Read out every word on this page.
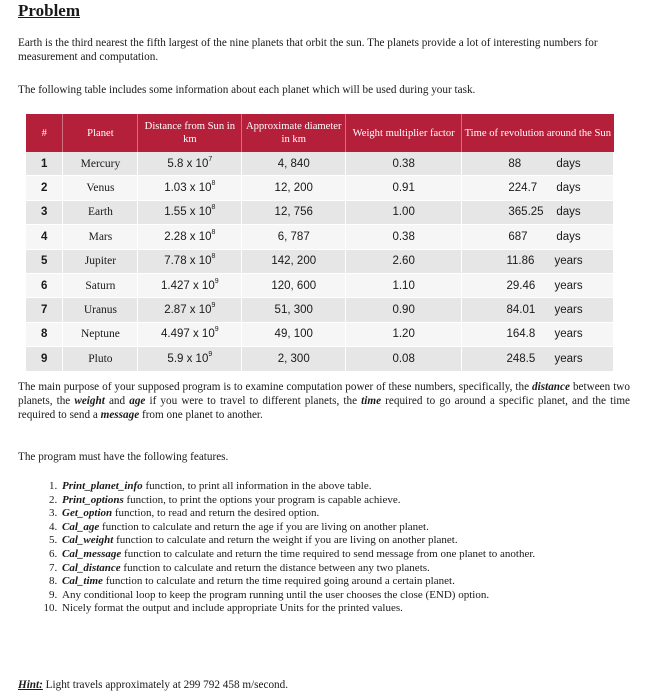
Problem

Earth is the third nearest the fifth largest of the nine planets that orbit the sun. The planets provide a lot of interesting numbers for measurement and computation.

The following table includes some information about each planet which will be used during your task.

#	Planet	Distance from Sun in km	Approximate diameter in km	Weight multiplier factor	Time of revolution around the Sun
1	Mercury	5.8 x $10^7$	4, 840	0.38	88 days
2	Venus	1.03 x $10^8$	12, 200	0.91	224.7 days
3	Earth	1.55 x $10^8$	12, 756	1.00	365.25 days
4	Mars	2.28 x $10^8$	6, 787	0.38	687 days
5	Jupiter	7.78 x $10^8$	142, 200	2.60	11.86 years
6	Saturn	1.427 x $10^9$	120, 600	1.10	29.46 years
7	Uranus	2.87 x $10^9$	51, 300	0.90	84.01 years
8	Neptune	4.497 x $10^9$	49, 100	1.20	164.8 years
9	Pluto	5.9 x $10^9$	2, 300	0.08	248.5 years

The main purpose of your supposed program is to examine computation power of these numbers, specifically, the distance between two planets, the weight and age if you were to travel to different planets, the time required to go around a specific planet, and the time required to send a message from one planet to another.

The program must have the following features.

1. Print_planet_info function, to print all information in the above table.
2. Print_options function, to print the options your program is capable achieve.
3. Get_option function, to read and return the desired option.
4. Cal_age function to calculate and return the age if you are living on another planet.
5. Cal_weight function to calculate and return the weight if you are living on another planet.
6. Cal_message function to calculate and return the time required to send message from one planet to another.
7. Cal_distance function to calculate and return the distance between any two planets.
8. Cal_time function to calculate and return the time required going around a certain planet.
9. Any conditional loop to keep the program running until the user chooses the close (END) option.
10. Nicely format the output and include appropriate Units for the printed values.

Hint: Light travels approximately at 299 792 458 m/second.
